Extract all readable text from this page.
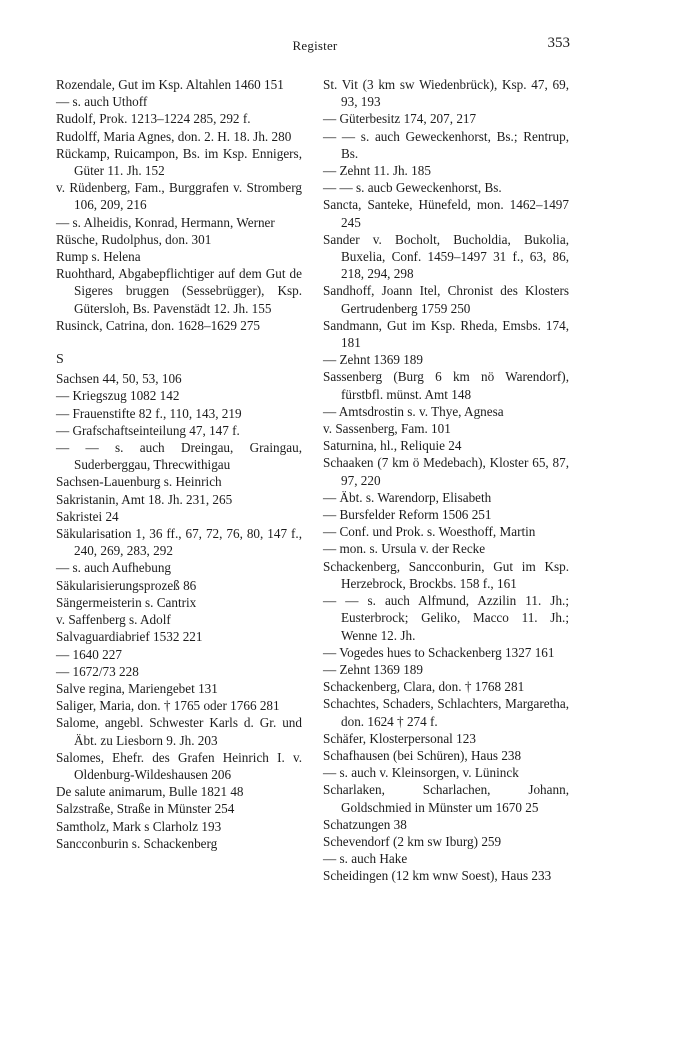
Register	353
Rozendale, Gut im Ksp. Altahlen 1460 151
— s. auch Uthoff
Rudolf, Prok. 1213–1224 285, 292 f.
Rudolff, Maria Agnes, don. 2. H. 18. Jh. 280
Rückamp, Ruicampon, Bs. im Ksp. Ennigers, Güter 11. Jh. 152
v. Rüdenberg, Fam., Burggrafen v. Stromberg 106, 209, 216
— s. Alheidis, Konrad, Hermann, Werner
Rüsche, Rudolphus, don. 301
Rump s. Helena
Ruohthard, Abgabepflichtiger auf dem Gut de Sigeres bruggen (Sessebrügger), Ksp. Gütersloh, Bs. Pavenstädt 12. Jh. 155
Rusinck, Catrina, don. 1628–1629 275
S
Sachsen 44, 50, 53, 106
— Kriegszug 1082 142
— Frauenstifte 82 f., 110, 143, 219
— Grafschaftseinteilung 47, 147 f.
— — s. auch Dreingau, Graingau, Suderberggau, Threcwithigau
Sachsen-Lauenburg s. Heinrich
Sakristanin, Amt 18. Jh. 231, 265
Sakristei 24
Säkularisation 1, 36 ff., 67, 72, 76, 80, 147 f., 240, 269, 283, 292
— s. auch Aufhebung
Säkularisierungsprozeß 86
Sängermeisterin s. Cantrix
v. Saffenberg s. Adolf
Salvaguardiabrief 1532 221
— 1640 227
— 1672/73 228
Salve regina, Mariengebet 131
Saliger, Maria, don. † 1765 oder 1766 281
Salome, angebl. Schwester Karls d. Gr. und Äbt. zu Liesborn 9. Jh. 203
Salomes, Ehefr. des Grafen Heinrich I. v. Oldenburg-Wildeshausen 206
De salute animarum, Bulle 1821 48
Salzstraße, Straße in Münster 254
Samtholz, Mark s Clarholz 193
Sancconburin s. Schackenberg
St. Vit (3 km sw Wiedenbrück), Ksp. 47, 69, 93, 193
— Güterbesitz 174, 207, 217
— — s. auch Geweckenhorst, Bs.; Rentrup, Bs.
— Zehnt 11. Jh. 185
— — s. aucb Geweckenhorst, Bs.
Sancta, Santeke, Hünefeld, mon. 1462–1497 245
Sander v. Bocholt, Bucholdia, Bukolia, Buxelia, Conf. 1459–1497 31 f., 63, 86, 218, 294, 298
Sandhoff, Joann Itel, Chronist des Klosters Gertrudenberg 1759 250
Sandmann, Gut im Ksp. Rheda, Emsbs. 174, 181
— Zehnt 1369 189
Sassenberg (Burg 6 km nö Warendorf), fürstbfl. münst. Amt 148
— Amtsdrostin s. v. Thye, Agnesa
v. Sassenberg, Fam. 101
Saturnina, hl., Reliquie 24
Schaaken (7 km ö Medebach), Kloster 65, 87, 97, 220
— Äbt. s. Warendorp, Elisabeth
— Bursfelder Reform 1506 251
— Conf. und Prok. s. Woesthoff, Martin
— mon. s. Ursula v. der Recke
Schackenberg, Sancconburin, Gut im Ksp. Herzebrock, Brockbs. 158 f., 161
— — s. auch Alfmund, Azzilin 11. Jh.; Eusterbrock; Geliko, Macco 11. Jh.; Wenne 12. Jh.
— Vogedes hues to Schackenberg 1327 161
— Zehnt 1369 189
Schackenberg, Clara, don. † 1768 281
Schachtes, Schaders, Schlachters, Margaretha, don. 1624 † 274 f.
Schäfer, Klosterpersonal 123
Schafhausen (bei Schüren), Haus 238
— s. auch v. Kleinsorgen, v. Lüninck
Scharlaken, Scharlachen, Johann, Goldschmied in Münster um 1670 25
Schatzungen 38
Schevendorf (2 km sw Iburg) 259
— s. auch Hake
Scheidingen (12 km wnw Soest), Haus 233
